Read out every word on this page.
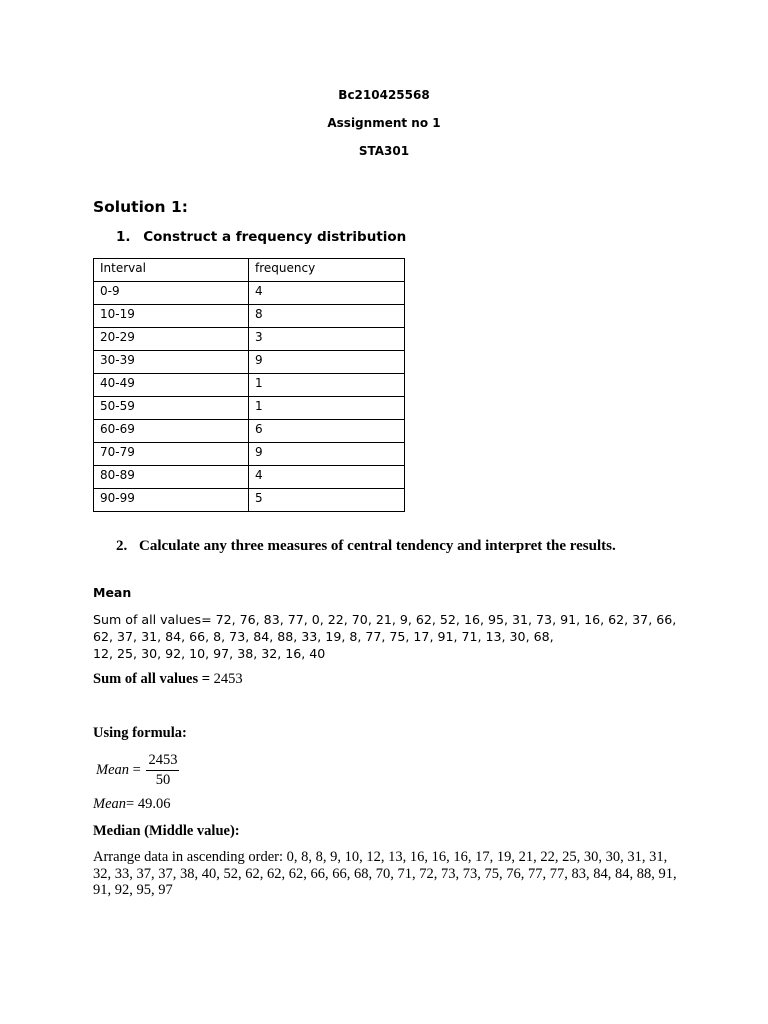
Bc210425568
Assignment no 1
STA301
Solution 1:
1. Construct a frequency distribution
Interval	frequency
0-9	4
10-19	8
20-29	3
30-39	9
40-49	1
50-59	1
60-69	6
70-79	9
80-89	4
90-99	5
2. Calculate any three measures of central tendency and interpret the results.
Mean
Sum of all values= 72, 76, 83, 77, 0, 22, 70, 21, 9, 62, 52, 16, 95, 31, 73, 91, 16, 62, 37, 66,
62, 37, 31, 84, 66, 8, 73, 84, 88, 33, 19, 8, 77, 75, 17, 91, 71, 13, 30, 68,
12, 25, 30, 92, 10, 97, 38, 32, 16, 40
Sum of all values = 2453
Using formula:
Mean = $\frac{2453}{50}$
Mean= 49.06
Median (Middle value):
Arrange data in ascending order: 0, 8, 8, 9, 10, 12, 13, 16, 16, 16, 17, 19, 21, 22, 25, 30, 30, 31, 31,
32, 33, 37, 37, 38, 40, 52, 62, 62, 62, 66, 66, 68, 70, 71, 72, 73, 73, 75, 76, 77, 77, 83, 84, 84, 88, 91,
91, 92, 95, 97
